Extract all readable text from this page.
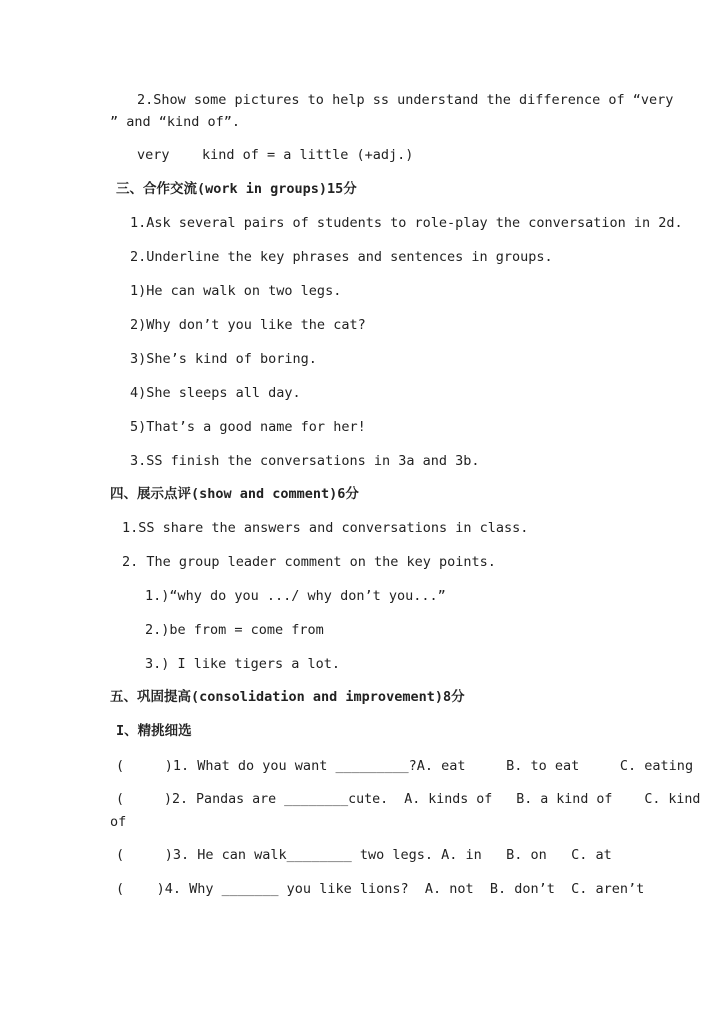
2.Show some pictures to help ss understand the difference of “very
” and “kind of”.
very    kind of = a little (+adj.)
三、合作交流(work in groups)15分
1.Ask several pairs of students to role-play the conversation in 2d.
2.Underline the key phrases and sentences in groups.
1)He can walk on two legs.
2)Why don’t you like the cat?
3)She’s kind of boring.
4)She sleeps all day.
5)That’s a good name for her!
3.SS finish the conversations in 3a and 3b.
四、展示点评(show and comment)6分
1.SS share the answers and conversations in class.
2. The group leader comment on the key points.
1.)“why do you .../ why don’t you...”
2.)be from = come from
3.) I like tigers a lot.
五、巩固提高(consolidation and improvement)8分
I、精挑细选
(     )1. What do you want _________?A. eat     B. to eat     C. eating
(     )2. Pandas are ________cute.  A. kinds of   B. a kind of    C. kind
of
(     )3. He can walk________ two legs. A. in   B. on   C. at
(    )4. Why _______ you like lions?  A. not  B. don’t  C. aren’t
